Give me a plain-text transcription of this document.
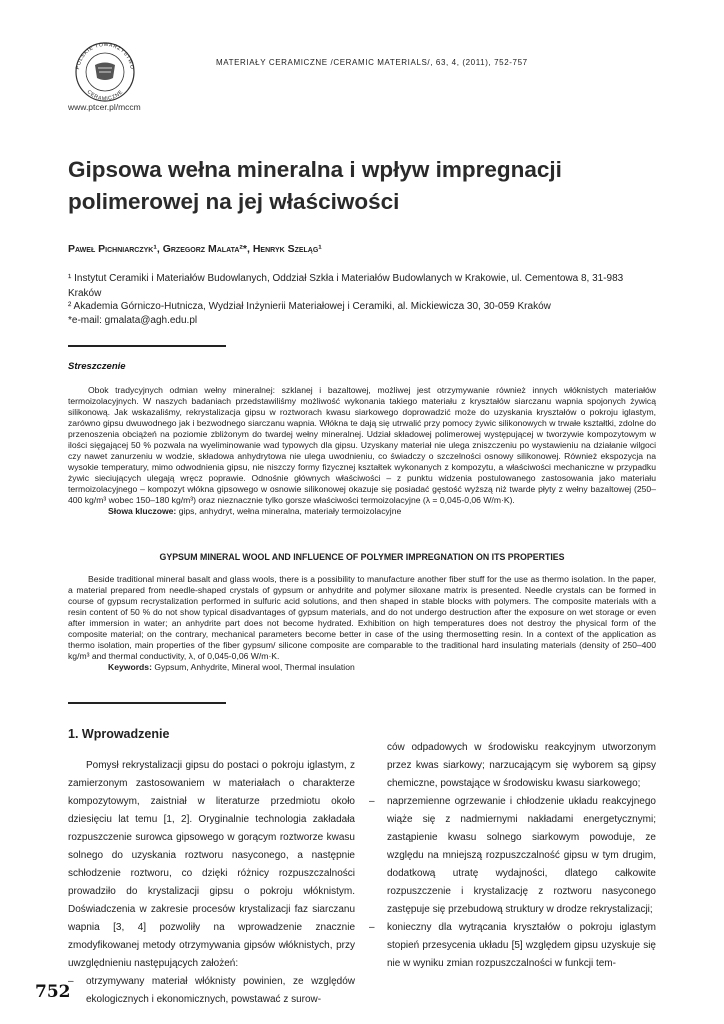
POLSKIE TOWARZYSTWO
CERAMICZNE
www.ptcer.pl/mccm
MATERIAŁY CERAMICZNE /CERAMIC MATERIALS/, 63, 4, (2011), 752-757
Gipsowa wełna mineralna i wpływ impregnacji polimerowej na jej właściwości
Paweł Pichniarczyk¹, Grzegorz Malata²*, Henryk Szeląg¹
¹ Instytut Ceramiki i Materiałów Budowlanych, Oddział Szkła i Materiałów Budowlanych w Krakowie, ul. Cementowa 8, 31-983 Kraków
² Akademia Górniczo-Hutnicza, Wydział Inżynierii Materiałowej i Ceramiki, al. Mickiewicza 30, 30-059 Kraków
*e-mail: gmalata@agh.edu.pl
Streszczenie

Obok tradycyjnych odmian wełny mineralnej: szklanej i bazaltowej, możliwej jest otrzymywanie również innych włóknistych materiałów termoizolacyjnych. W naszych badaniach przedstawiliśmy możliwość wykonania takiego materiału z kryształów siarczanu wapnia spojonych żywicą silikonową. Jak wskazaliśmy, rekrystalizacja gipsu w roztworach kwasu siarkowego doprowadzić może do uzyskania kryształów o pokroju iglastym, zarówno gipsu dwuwodnego jak i bezwodnego siarczanu wapnia. Włókna te dają się utrwalić przy pomocy żywic silikonowych w trwałe kształtki, zdolne do przenoszenia obciążeń na poziomie zbliżonym do twardej wełny mineralnej. Udział składowej polimerowej występującej w tworzywie kompozytowym w ilości sięgającej 50 % pozwala na wyeliminowanie wad typowych dla gipsu. Uzyskany materiał nie ulega zniszczeniu po wystawieniu na działanie wilgoci czy nawet zanurzeniu w wodzie, składowa anhydrytowa nie ulega uwodnieniu, co świadczy o szczelności osnowy silikonowej. Również ekspozycja na wysokie temperatury, mimo odwodnienia gipsu, nie niszczy formy fizycznej kształtek wykonanych z kompozytu, a właściwości mechaniczne w przypadku żywic sieciujących ulegają wręcz poprawie. Odnośnie głównych właściwości – z punktu widzenia postulowanego zastosowania jako materiału termoizolacyjnego – kompozyt włókna gipsowego w osnowie silikonowej okazuje się posiadać gęstość wyższą niż twarde płyty z wełny bazaltowej (250–400 kg/m³ wobec 150–180 kg/m³) oraz nieznacznie tylko gorsze właściwości termoizolacyjne (λ = 0,045-0,06 W/m·K).

Słowa kluczowe: gips, anhydryt, wełna mineralna, materiały termoizolacyjne

GYPSUM MINERAL WOOL AND INFLUENCE OF POLYMER IMPREGNATION ON ITS PROPERTIES

Beside traditional mineral basalt and glass wools, there is a possibility to manufacture another fiber stuff for the use as thermo isolation. In the paper, a material prepared from needle-shaped crystals of gypsum or anhydrite and polymer siloxane matrix is presented. Needle crystals can be formed in course of gypsum recrystalization performed in sulfuric acid solutions, and then shaped in stable blocks with polymers. The composite materials with a resin content of 50 % do not show typical disadvantages of gypsum materials, and do not undergo destruction after the exposure on wet storage or even after immersion in water; an anhydrite part does not become hydrated. Exhibition on high temperatures does not destroy the physical form of the composite material; on the contrary, mechanical parameters become better in case of the using thermosetting resin. In a context of the application as thermo isolation, main properties of the fiber gypsum/ silicone composite are comparable to the traditional hard insulating materials (density of 250–400 kg/m³ and thermal conductivity, λ, of 0,045-0,06 W/m·K.

Keywords: Gypsum, Anhydrite, Mineral wool, Thermal insulation

1. Wprowadzenie

Pomysł rekrystalizacji gipsu do postaci o pokroju iglastym, z zamierzonym zastosowaniem w materiałach o charakterze kompozytowym, zaistniał w literaturze przedmiotu około dziesięciu lat temu [1, 2]. Oryginalnie technologia zakładała rozpuszczenie surowca gipsowego w gorącym roztworze kwasu solnego do uzyskania roztworu nasyconego, a następnie schłodzenie roztworu, co dzięki różnicy rozpuszczalności prowadziło do krystalizacji gipsu o pokroju włóknistym. Doświadczenia w zakresie procesów krystalizacji faz siarczanu wapnia [3, 4] pozwoliły na wprowadzenie znacznie zmodyfikowanej metody otrzymywania gipsów włóknistych, przy uwzględnieniu następujących założeń:

– otrzymywany materiał włóknisty powinien, ze względów ekologicznych i ekonomicznych, powstawać z surow-
ców odpadowych w środowisku reakcyjnym utworzonym przez kwas siarkowy; narzucającym się wyborem są gipsy chemiczne, powstające w środowisku kwasu siarkowego;
– naprzemienne ogrzewanie i chłodzenie układu reakcyjnego wiąże się z nadmiernymi nakładami energetycznymi; zastąpienie kwasu solnego siarkowym powoduje, ze względu na mniejszą rozpuszczalność gipsu w tym drugim, dodatkową utratę wydajności, dlatego całkowite rozpuszczenie i krystalizację z roztworu nasyconego zastępuje się przebudową struktury w drodze rekrystalizacji;
– konieczny dla wytrącania kryształów o pokroju iglastym stopień przesycenia układu [5] względem gipsu uzyskuje się nie w wyniku zmian rozpuszczalności w funkcji tem-
752
